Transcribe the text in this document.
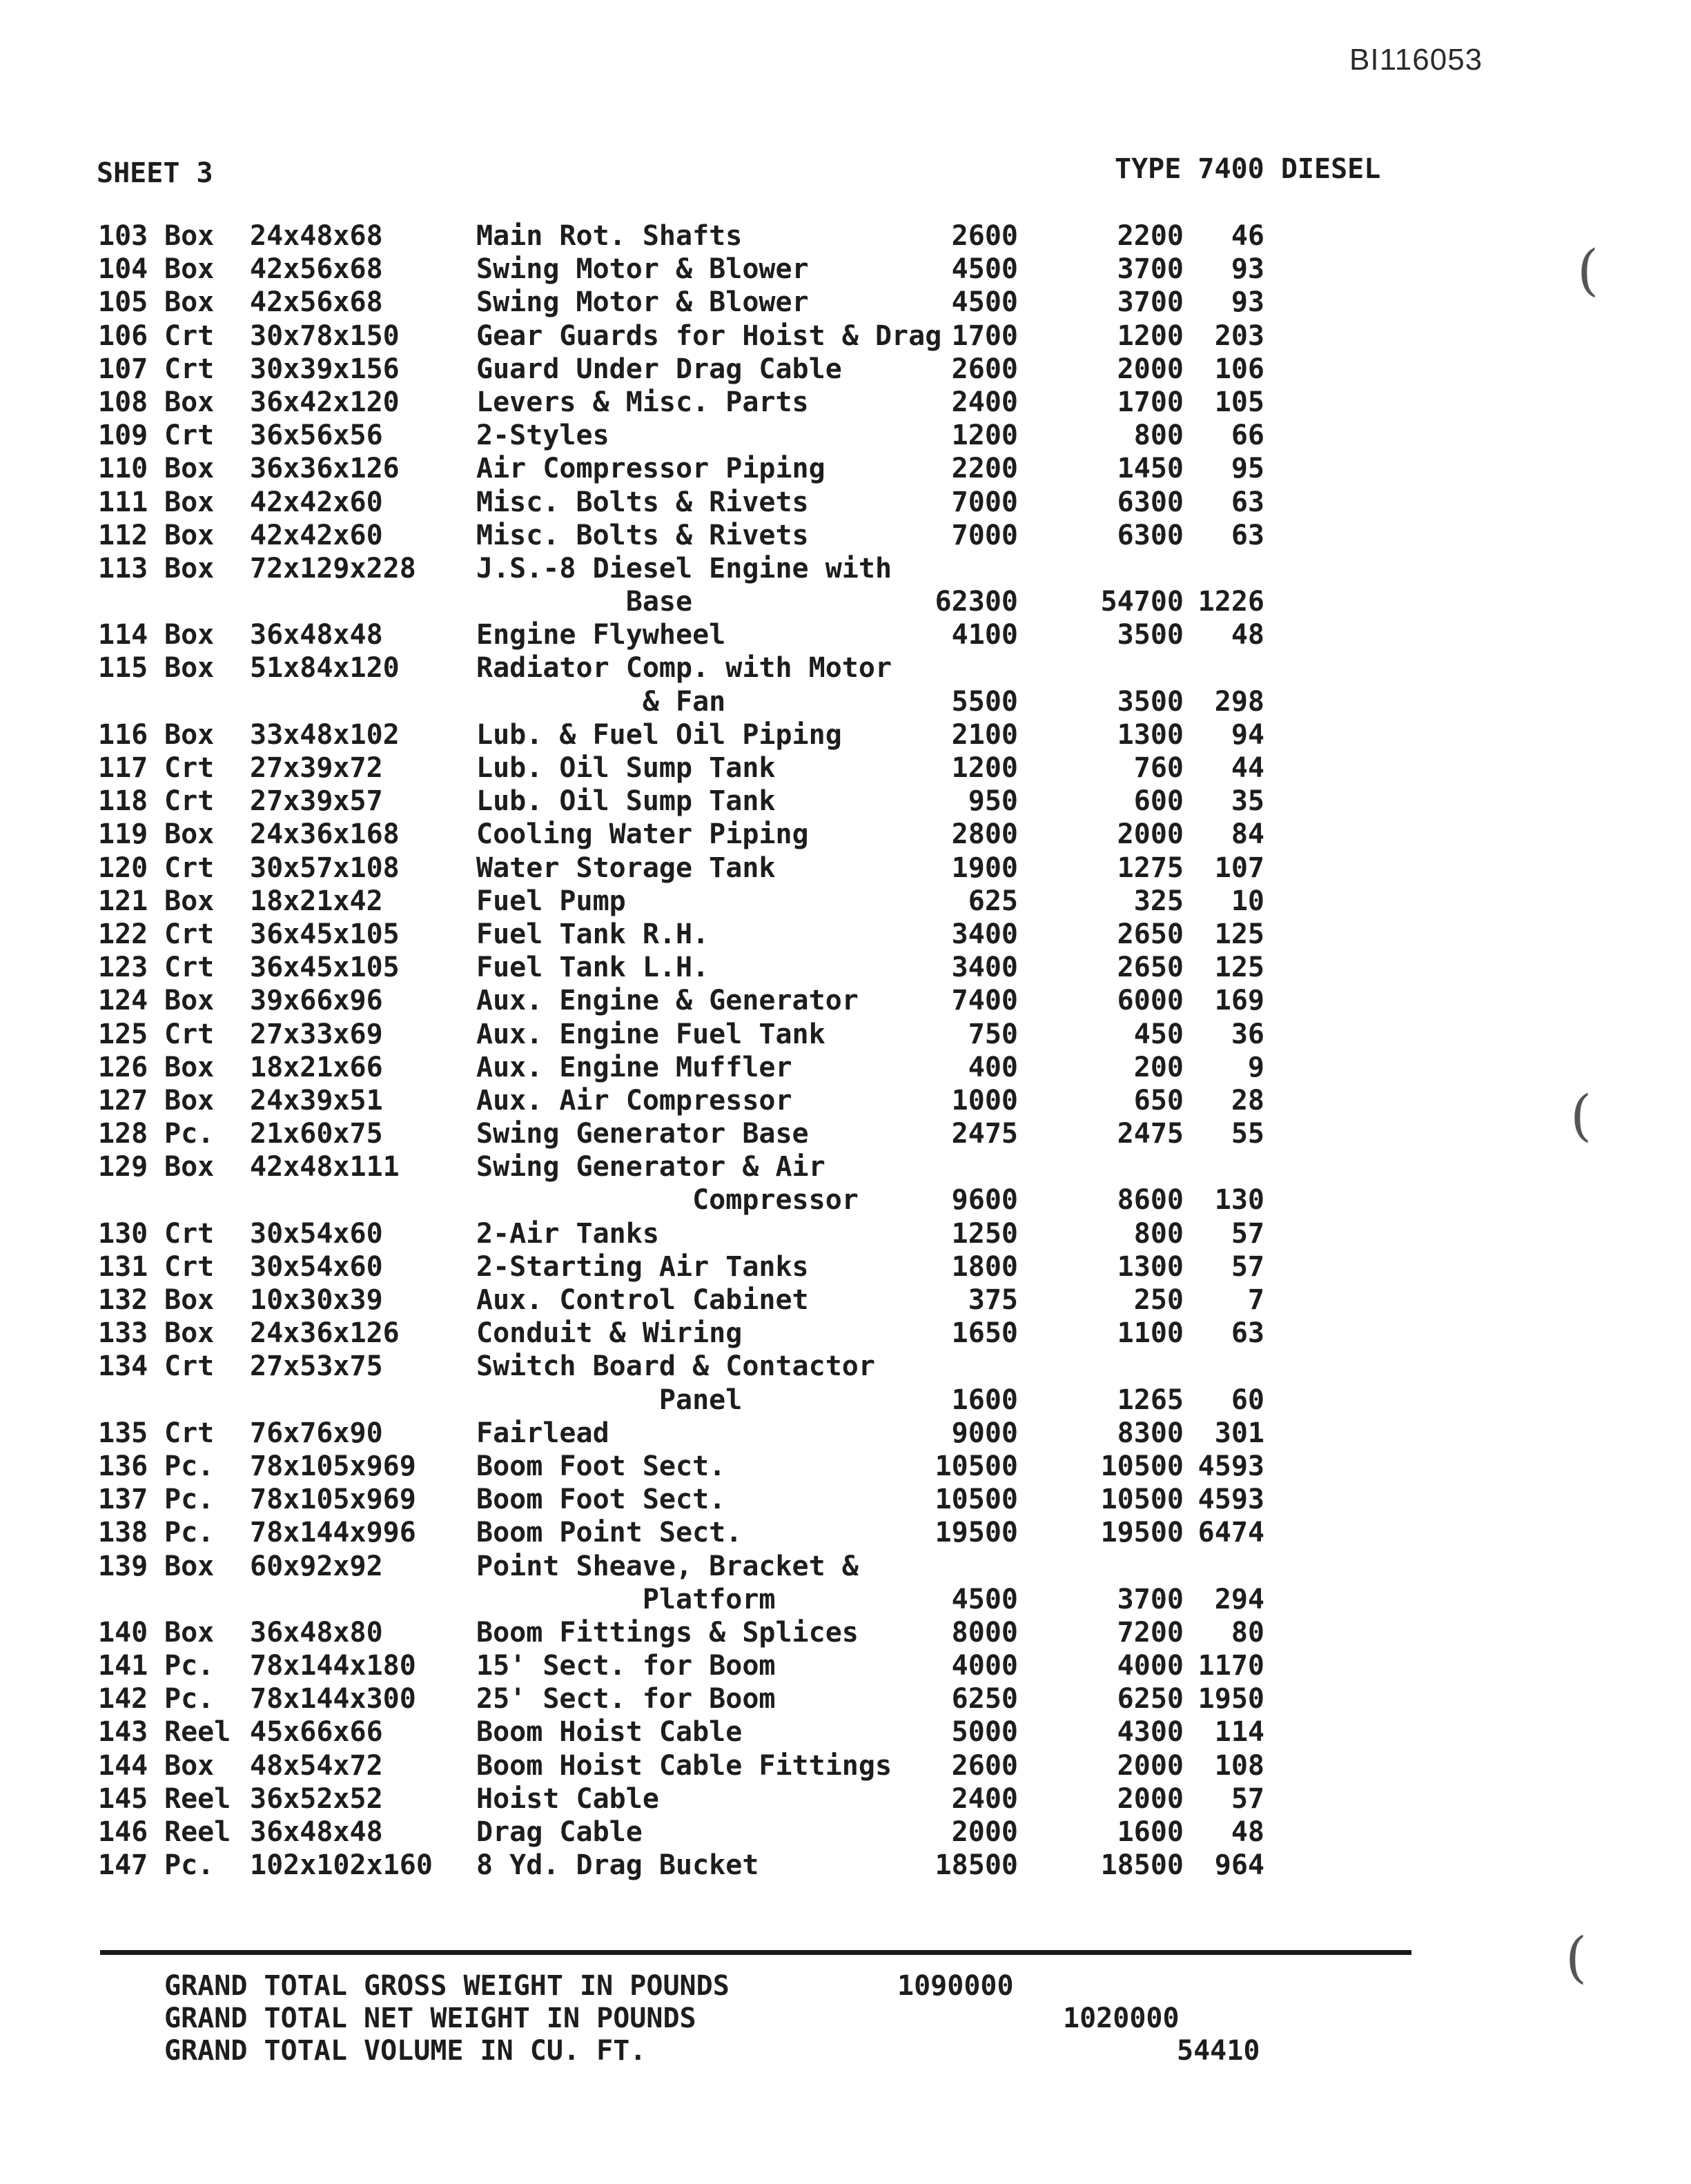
BI116053
SHEET 3	TYPE 7400 DIESEL
103 Box 24x48x68	Main Rot. Shafts	2600	2200 46
104 Box 42x56x68	Swing Motor & Blower	4500	3700 93
105 Box 42x56x68	Swing Motor & Blower	4500	3700 93
106 Crt 30x78x150	Gear Guards for Hoist & Drag 1700	1200 203
107 Crt 30x39x156	Guard Under Drag Cable	2600	2000 106
108 Box 36x42x120	Levers & Misc. Parts	2400	1700 105
109 Crt 36x56x56	2-Styles	1200	800 66
110 Box 36x36x126	Air Compressor Piping	2200	1450 95
111 Box 42x42x60	Misc. Bolts & Rivets	7000	6300 63
112 Box 42x42x60	Misc. Bolts & Rivets	7000	6300 63
113 Box 72x129x228 J.S.-8 Diesel Engine with
Base	62300	54700 1226
114 Box 36x48x48	Engine Flywheel	4100	3500 48
115 Box 51x84x120	Radiator Comp. with Motor
& Fan	5500	3500 298
116 Box 33x48x102	Lub. & Fuel Oil Piping	2100	1300 94
117 Crt 27x39x72	Lub. Oil Sump Tank	1200	760 44
118 Crt 27x39x57	Lub. Oil Sump Tank	950	600 35
119 Box 24x36x168	Cooling Water Piping	2800	2000 84
120 Crt 30x57x108	Water Storage Tank	1900	1275 107
121 Box 18x21x42	Fuel Pump	625	325 10
122 Crt 36x45x105	Fuel Tank R.H.	3400	2650 125
123 Crt 36x45x105	Fuel Tank L.H.	3400	2650 125
124 Box 39x66x96	Aux. Engine & Generator	7400	6000 169
125 Crt 27x33x69	Aux. Engine Fuel Tank	750	450 36
126 Box 18x21x66	Aux. Engine Muffler	400	200 9
127 Box 24x39x51	Aux. Air Compressor	1000	650 28
128 Pc. 21x60x75	Swing Generator Base	2475	2475 55
129 Box 42x48x111	Swing Generator & Air
Compressor	9600	8600 130
130 Crt 30x54x60	2-Air Tanks	1250	800 57
131 Crt 30x54x60	2-Starting Air Tanks	1800	1300 57
132 Box 10x30x39	Aux. Control Cabinet	375	250 7
133 Box 24x36x126	Conduit & Wiring	1650	1100 63
134 Crt 27x53x75	Switch Board & Contactor
Panel	1600	1265 60
135 Crt 76x76x90	Fairlead	9000	8300 301
136 Pc. 78x105x969 Boom Foot Sect.	10500	10500 4593
137 Pc. 78x105x969 Boom Foot Sect.	10500	10500 4593
138 Pc. 78x144x996 Boom Point Sect.	19500	19500 6474
139 Box 60x92x92	Point Sheave, Bracket &
Platform	4500	3700 294
140 Box 36x48x80	Boom Fittings & Splices	8000	7200 80
141 Pc. 78x144x180 15' Sect. for Boom	4000	4000 1170
142 Pc. 78x144x300 25' Sect. for Boom	6250	6250 1950
143 Reel 45x66x66	Boom Hoist Cable	5000	4300 114
144 Box 48x54x72	Boom Hoist Cable Fittings 2600	2000 108
145 Reel 36x52x52	Hoist Cable	2400	2000 57
146 Reel 36x48x48	Drag Cable	2000	1600 48
147 Pc. 102x102x160 8 Yd. Drag Bucket	18500	18500 964
GRAND TOTAL GROSS WEIGHT IN POUNDS	1090000
GRAND TOTAL NET WEIGHT IN POUNDS	1020000
GRAND TOTAL VOLUME IN CU. FT.	54410
(
(
(
